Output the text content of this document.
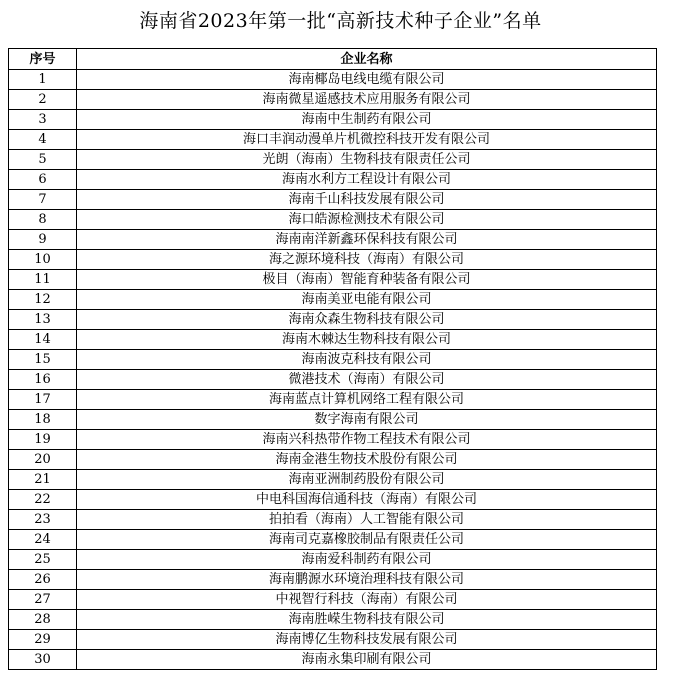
海南省2023年第一批“高新技术种子企业”名单
序号	企业名称
1	海南椰岛电线电缆有限公司
2	海南微星遥感技术应用服务有限公司
3	海南中生制药有限公司
4	海口丰润动漫单片机微控科技开发有限公司
5	光朗（海南）生物科技有限责任公司
6	海南水利方工程设计有限公司
7	海南千山科技发展有限公司
8	海口皓源检测技术有限公司
9	海南南洋新鑫环保科技有限公司
10	海之源环境科技（海南）有限公司
11	极目（海南）智能育种装备有限公司
12	海南美亚电能有限公司
13	海南众森生物科技有限公司
14	海南木棘达生物科技有限公司
15	海南波克科技有限公司
16	微港技术（海南）有限公司
17	海南蓝点计算机网络工程有限公司
18	数字海南有限公司
19	海南兴科热带作物工程技术有限公司
20	海南金港生物技术股份有限公司
21	海南亚洲制药股份有限公司
22	中电科国海信通科技（海南）有限公司
23	拍拍看（海南）人工智能有限公司
24	海南司克嘉橡胶制品有限责任公司
25	海南爱科制药有限公司
26	海南鹏源水环境治理科技有限公司
27	中视智行科技（海南）有限公司
28	海南胜嵘生物科技有限公司
29	海南博亿生物科技发展有限公司
30	海南永集印刷有限公司
